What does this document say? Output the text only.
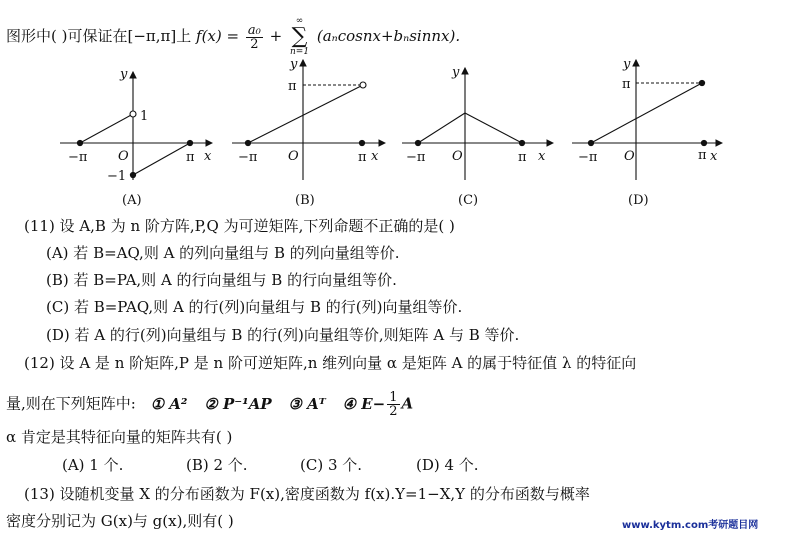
图形中( )可保证在[−π,π]上 $f(x) = \frac{\text{a₀}}{2}$ + ∞
∑
n=1 (aₙcosnx+bₙsinnx).
y
x
−π O	π
1
−1
(A)
y
x
−π O	π
π
(B)
y
x
−π O	π
(C)
y
x
−π O	π
π
(D)
(11) 设 A,B 为 n 阶方阵,P,Q 为可逆矩阵,下列命题不正确的是( )
(A) 若 B=AQ,则 A 的列向量组与 B 的列向量组等价.
(B) 若 B=PA,则 A 的行向量组与 B 的行向量组等价.
(C) 若 B=PAQ,则 A 的行(列)向量组与 B 的行(列)向量组等价.
(D) 若 A 的行(列)向量组与 B 的行(列)向量组等价,则矩阵 A 与 B 等价.
(12) 设 A 是 n 阶矩阵,P 是 n 阶可逆矩阵,n 维列向量 α 是矩阵 A 的属于特征值 λ 的特征向
量,则在下列矩阵中: ① A² ② P⁻¹AP ③ Aᵀ ④ $E- \frac{1}{2}$ A
α 肯定是其特征向量的矩阵共有( )
(A) 1 个.	(B) 2 个.	(C) 3 个.	(D) 4 个.
(13) 设随机变量 X 的分布函数为 F(x),密度函数为 f(x).Y=1−X,Y 的分布函数与概率
密度分别记为 G(x)与 g(x),则有( )	www.kytm.com考研题目网
